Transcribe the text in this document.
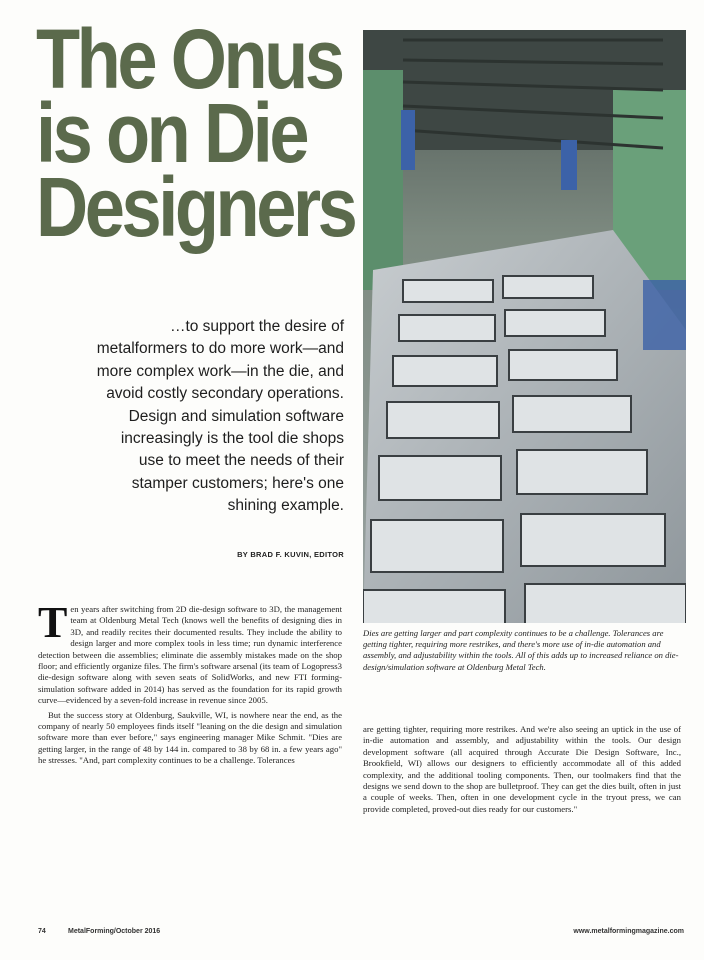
The Onus
is on Die
Designers
…to support the desire of metalformers to do more work—and more complex work—in the die, and avoid costly secondary operations. Design and simulation software increasingly is the tool die shops use to meet the needs of their stamper customers; here's one shining example.
BY BRAD F. KUVIN, EDITOR
Dies are getting larger and part complexity continues to be a challenge. Tolerances are getting tighter, requiring more restrikes, and there's more use of in-die automation and assembly, and adjustability within the tools. All of this adds up to increased reliance on die-design/simulation software at Oldenburg Metal Tech.

Ten years after switching from 2D die-design software to 3D, the management team at Oldenburg Metal Tech (knows well the benefits of designing dies in 3D, and readily recites their documented results. They include the ability to design larger and more complex tools in less time; run dynamic interference detection between die assemblies; eliminate die assembly mistakes made on the shop floor; and efficiently organize files. The firm's software arsenal (its team of Logopress3 die-design software along with seven seats of SolidWorks, and new FTI forming-simulation software added in 2014) has served as the foundation for its rapid growth curve—evidenced by a seven-fold increase in revenue since 2005.

But the success story at Oldenburg, Saukville, WI, is nowhere near the end, as the company of nearly 50 employees finds itself "leaning on the die design and simulation software more than ever before," says engineering manager Mike Schmit. "Dies are getting larger, in the range of 48 by 144 in. compared to 38 by 68 in. a few years ago" he stresses. "And, part complexity continues to be a challenge. Tolerances

are getting tighter, requiring more restrikes. And we're also seeing an uptick in the use of in-die automation and assembly, and adjustability within the tools. Our design development software (all acquired through Accurate Die Design Software, Inc., Brookfield, WI) allows our designers to efficiently accommodate all of this added complexity, and the additional tooling components. Then, our toolmakers find that the designs we send down to the shop are bulletproof. They can get the dies built, often in just a couple of weeks. Then, often in one development cycle in the tryout press, we can provide completed, proved-out dies ready for our customers."

74	MetalForming/October 2016	www.metalformingmagazine.com
